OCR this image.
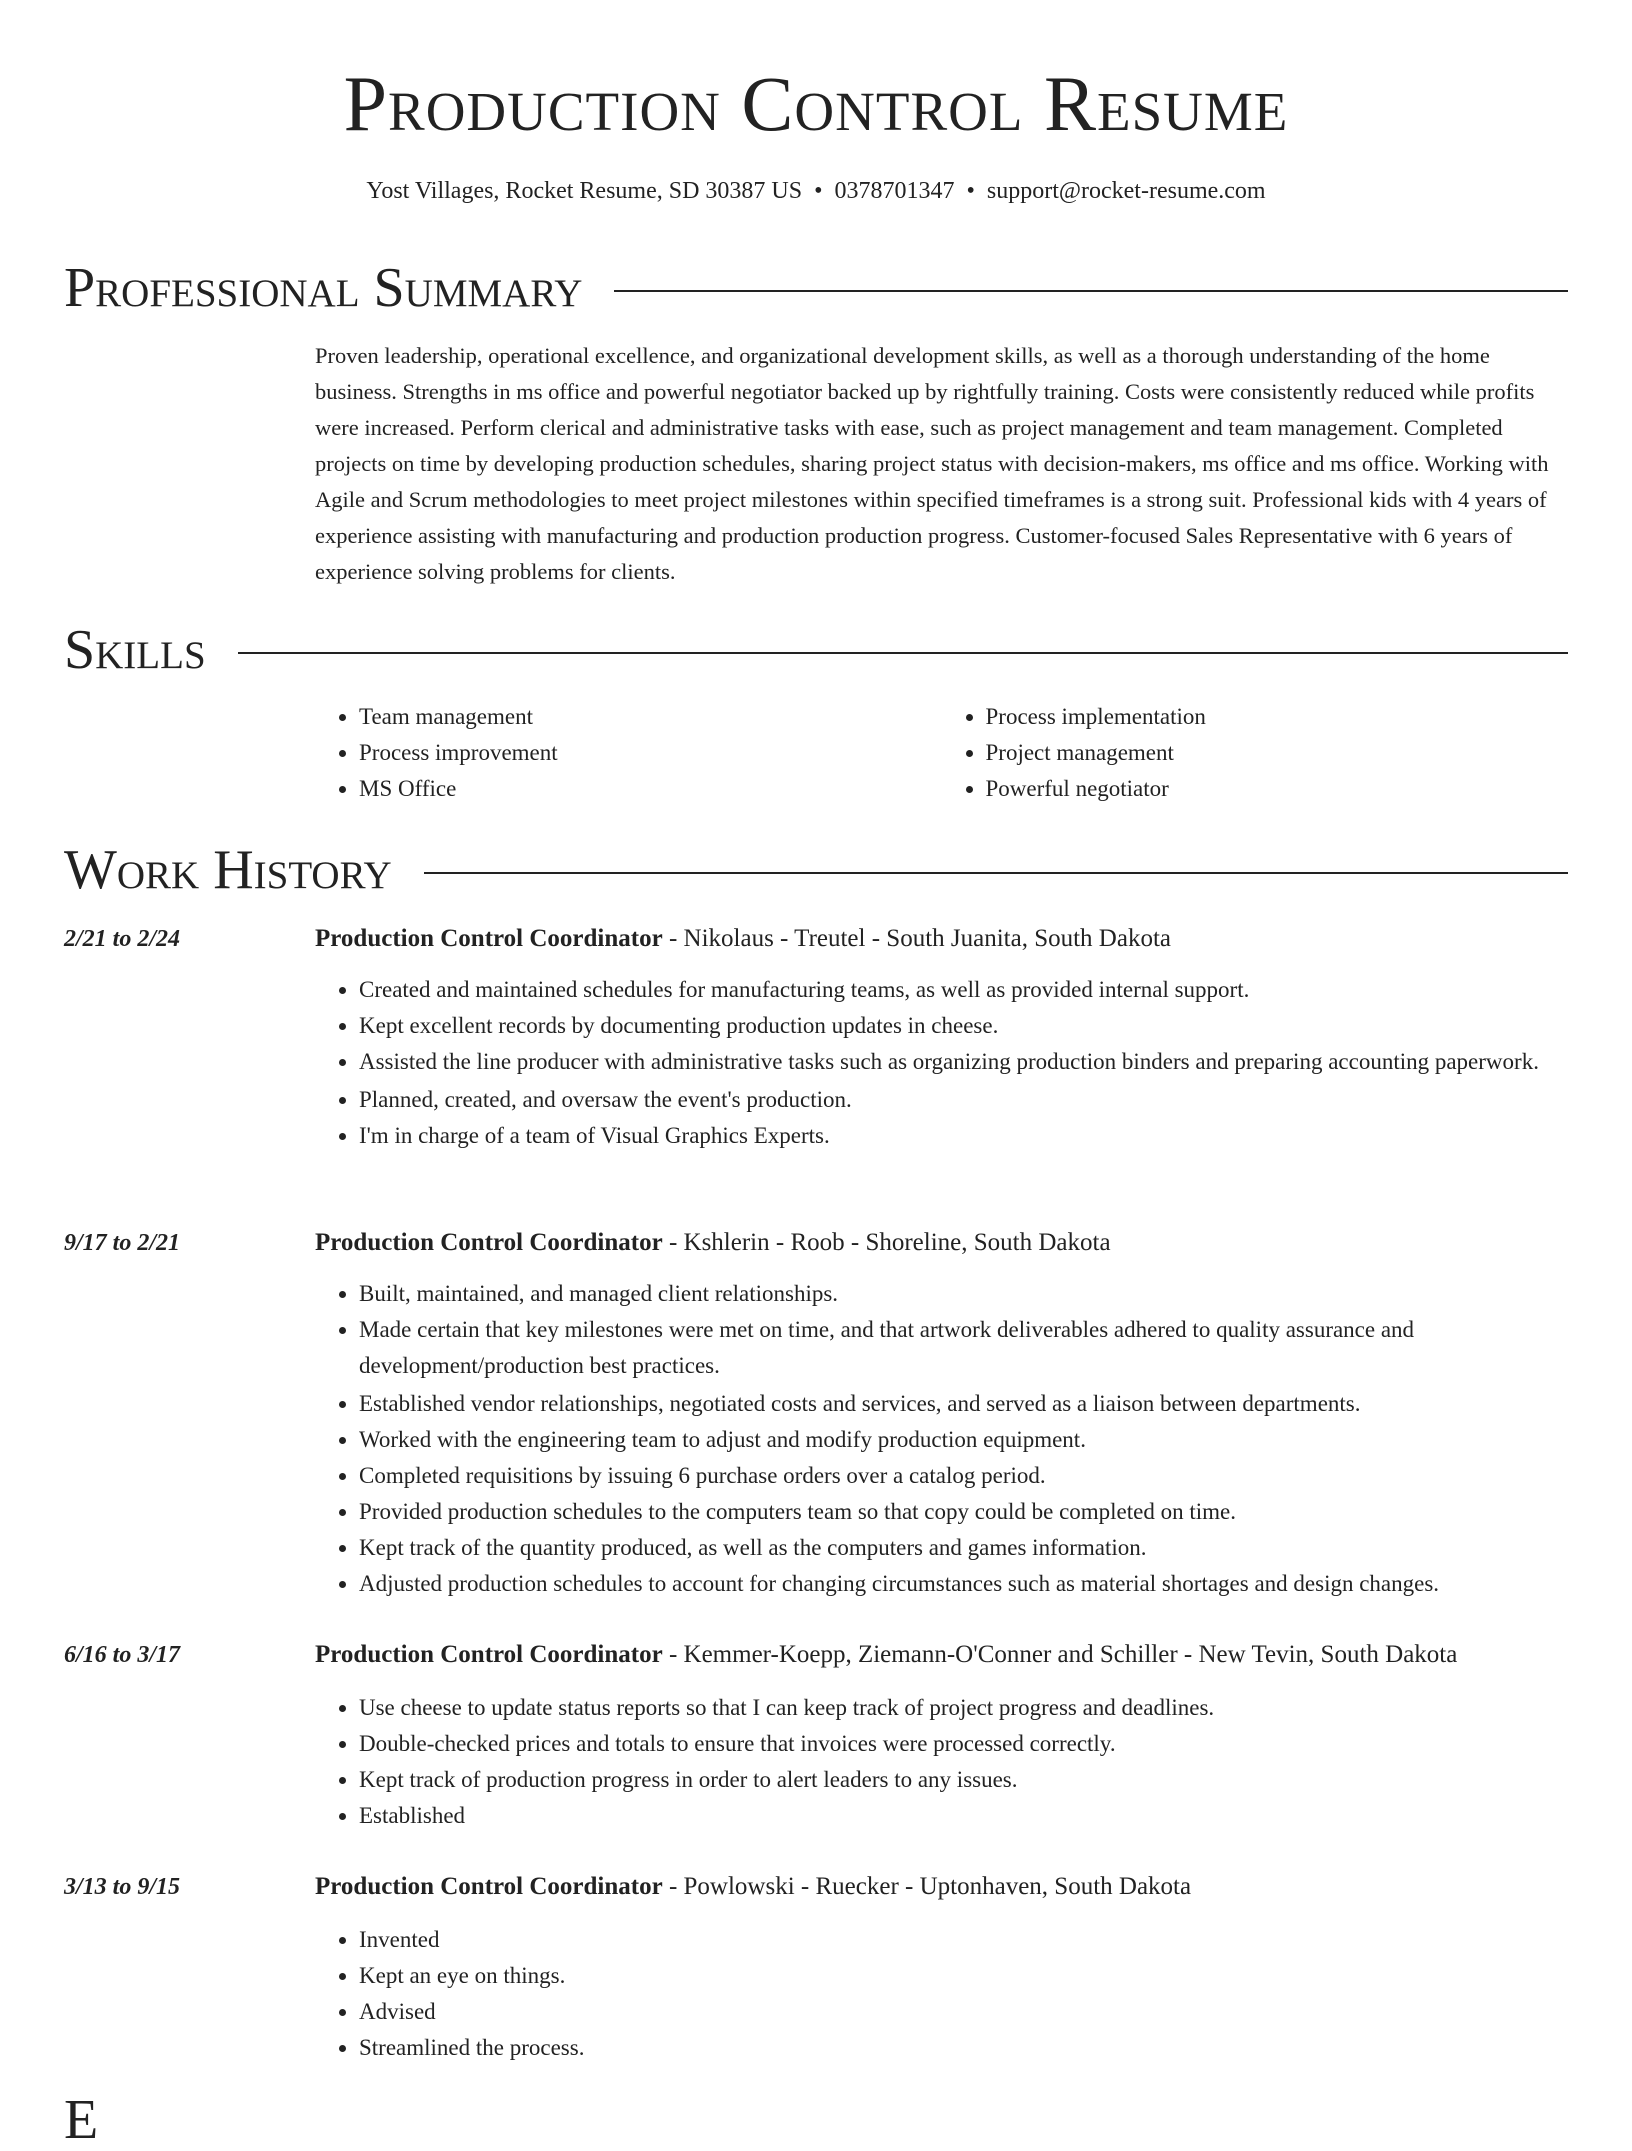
Production Control Resume
Yost Villages, Rocket Resume, SD 30387 US • 0378701347 • support@rocket-resume.com
Professional Summary
Proven leadership, operational excellence, and organizational development skills, as well as a thorough understanding of the home business. Strengths in ms office and powerful negotiator backed up by rightfully training. Costs were consistently reduced while profits were increased. Perform clerical and administrative tasks with ease, such as project management and team management. Completed projects on time by developing production schedules, sharing project status with decision-makers, ms office and ms office. Working with Agile and Scrum methodologies to meet project milestones within specified timeframes is a strong suit. Professional kids with 4 years of experience assisting with manufacturing and production production progress. Customer-focused Sales Representative with 6 years of experience solving problems for clients.
Skills
• Team management
• Process improvement
• MS Office
• Process implementation
• Project management
• Powerful negotiator
Work History
2/21 to 2/24	Production Control Coordinator - Nikolaus - Treutel - South Juanita, South Dakota
• Created and maintained schedules for manufacturing teams, as well as provided internal support.
• Kept excellent records by documenting production updates in cheese.
• Assisted the line producer with administrative tasks such as organizing production binders and preparing accounting paperwork.
• Planned, created, and oversaw the event's production.
• I'm in charge of a team of Visual Graphics Experts.
9/17 to 2/21	Production Control Coordinator - Kshlerin - Roob - Shoreline, South Dakota
• Built, maintained, and managed client relationships.
• Made certain that key milestones were met on time, and that artwork deliverables adhered to quality assurance and development/production best practices.
• Established vendor relationships, negotiated costs and services, and served as a liaison between departments.
• Worked with the engineering team to adjust and modify production equipment.
• Completed requisitions by issuing 6 purchase orders over a catalog period.
• Provided production schedules to the computers team so that copy could be completed on time.
• Kept track of the quantity produced, as well as the computers and games information.
• Adjusted production schedules to account for changing circumstances such as material shortages and design changes.
6/16 to 3/17	Production Control Coordinator - Kemmer-Koepp, Ziemann-O'Conner and Schiller - New Tevin, South Dakota
• Use cheese to update status reports so that I can keep track of project progress and deadlines.
• Double-checked prices and totals to ensure that invoices were processed correctly.
• Kept track of production progress in order to alert leaders to any issues.
• Established
3/13 to 9/15	Production Control Coordinator - Powlowski - Ruecker - Uptonhaven, South Dakota
• Invented
• Kept an eye on things.
• Advised
• Streamlined the process.
E
